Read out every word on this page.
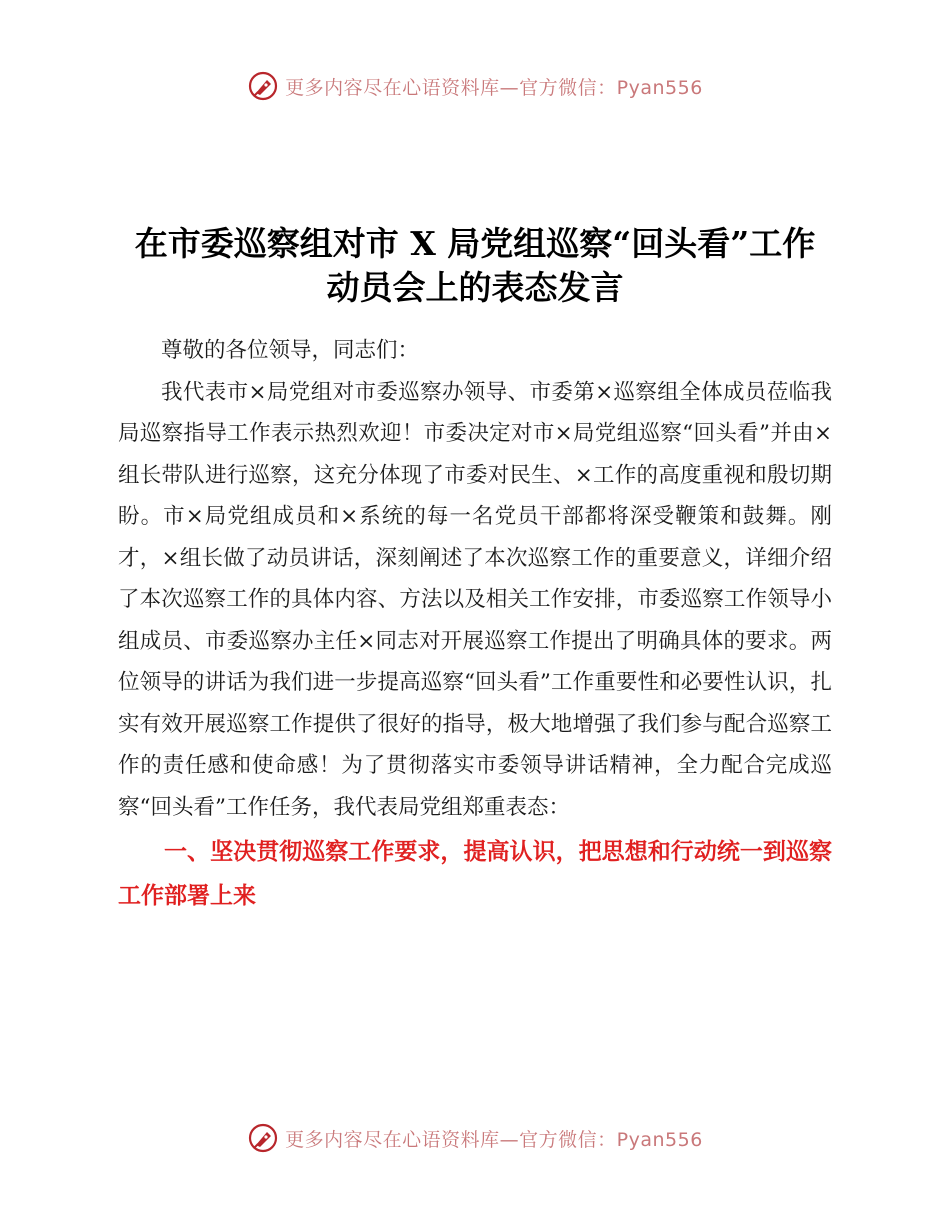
更多内容尽在心语资料库—官方微信：Pyan556
在市委巡察组对市 X 局党组巡察“回头看”工作
动员会上的表态发言

尊敬的各位领导，同志们：

我代表市×局党组对市委巡察办领导、市委第×巡察组全体成员莅临我局巡察指导工作表示热烈欢迎！市委决定对市×局党组巡察“回头看”并由×组长带队进行巡察，这充分体现了市委对民生、×工作的高度重视和殷切期盼。市×局党组成员和×系统的每一名党员干部都将深受鞭策和鼓舞。刚才，×组长做了动员讲话，深刻阐述了本次巡察工作的重要意义，详细介绍了本次巡察工作的具体内容、方法以及相关工作安排，市委巡察工作领导小组成员、市委巡察办主任×同志对开展巡察工作提出了明确具体的要求。两位领导的讲话为我们进一步提高巡察“回头看”工作重要性和必要性认识，扎实有效开展巡察工作提供了很好的指导，极大地增强了我们参与配合巡察工作的责任感和使命感！为了贯彻落实市委领导讲话精神，全力配合完成巡察“回头看”工作任务，我代表局党组郑重表态：

一、坚决贯彻巡察工作要求，提高认识，把思想和行动统一到巡察工作部署上来

更多内容尽在心语资料库—官方微信：Pyan556
